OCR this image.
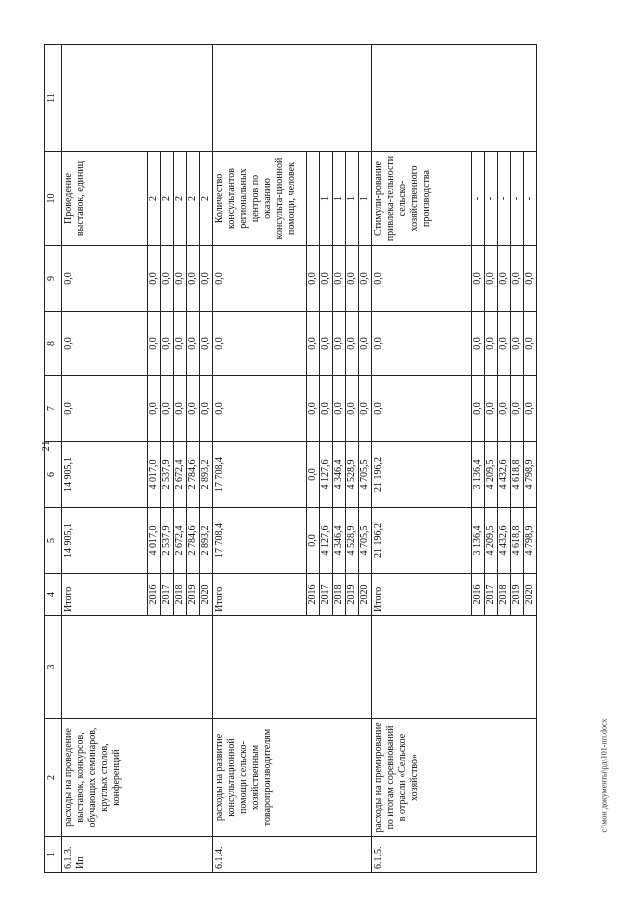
21
c:\мои документы\рд\101-пп.docx
1	2	3	4	5	6	7	8	9	10	11
6.1.3. Ип	расходы на проведение выставок, конкурсов, обучающих семинаров, круглых столов, конференций		Итого	14 905,1	14 905,1	0,0	0,0	0,0	Проведение выставок, единиц	
			2016	4 017,0	4 017,0	0,0	0,0	0,0	2	
			2017	2 537,9	2 537,9	0,0	0,0	0,0	2	
			2018	2 672,4	2 672,4	0,0	0,0	0,0	2	
			2019	2 784,6	2 784,6	0,0	0,0	0,0	2	
			2020	2 893,2	2 893,2	0,0	0,0	0,0	2	
6.1.4.	расходы на развитие консультационной помощи сельско-хозяйственным товаропроизводителям		Итого	17 708,4	17 708,4	0,0	0,0	0,0	Количество консультантов региональных центров по оказанию консульта-ционной помощи, человек	
			2016	0,0	0,0	0,0	0,0	0,0		
			2017	4 127,6	4 127,6	0,0	0,0	0,0	1	
			2018	4 346,4	4 346,4	0,0	0,0	0,0	1	
			2019	4 528,9	4 528,9	0,0	0,0	0,0	1	
			2020	4 705,5	4 705,5	0,0	0,0	0,0	1	
6.1.5.	расходы на премирование по итогам соревнований в отрасли «Сельское хозяйство»		Итого	21 196,2	21 196,2	0,0	0,0	0,0	Стимули-рование привлека-тельности сельско-хозяйственного производства	
			2016	3 136,4	3 136,4	0,0	0,0	0,0	-	
			2017	4 209,5	4 209,5	0,0	0,0	0,0	-	
			2018	4 432,6	4 432,6	0,0	0,0	0,0	-	
			2019	4 618,8	4 618,8	0,0	0,0	0,0	-	
			2020	4 798,9	4 798,9	0,0	0,0	0,0	-	
